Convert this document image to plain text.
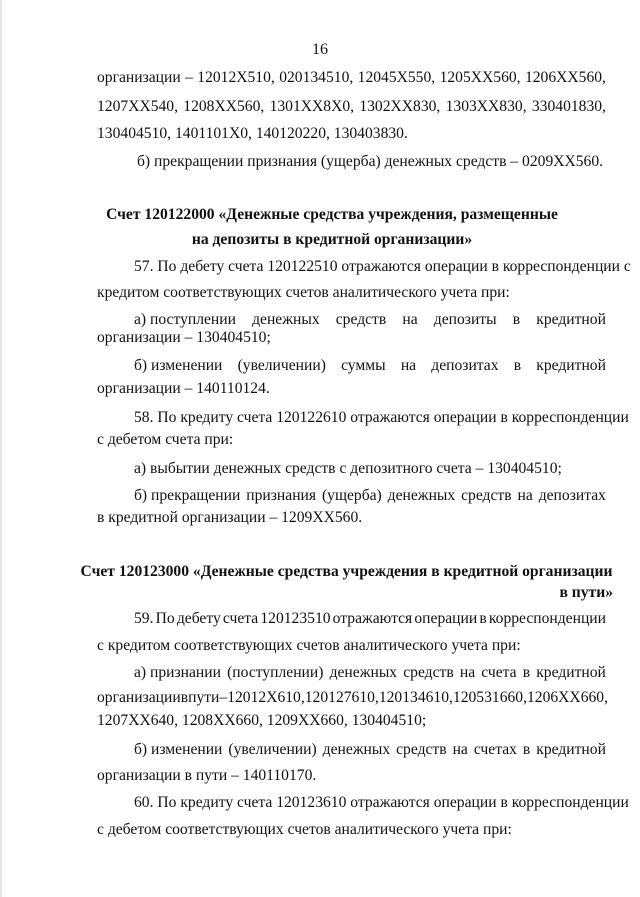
16
организации – 12012Х510, 020134510, 12045Х550, 1205ХХ560, 1206ХХ560,
1207ХХ540, 1208ХХ560, 1301ХХ8Х0, 1302ХХ830, 1303ХХ830, 330401830,
130404510, 1401101Х0, 140120220, 130403830.
б) прекращении признания (ущерба) денежных средств – 0209ХХ560.
Счет 120122000 «Денежные средства учреждения, размещенные
на депозиты в кредитной организации»
57. По дебету счета 120122510 отражаются операции в корреспонденции с
кредитом соответствующих счетов аналитического учета при:
а) поступлении денежных средств на депозиты в кредитной
организации – 130404510;
б) изменении (увеличении) суммы на депозитах в кредитной
организации – 140110124.
58. По кредиту счета 120122610 отражаются операции в корреспонденции
с дебетом счета при:
а) выбытии денежных средств с депозитного счета – 130404510;
б) прекращении признания (ущерба) денежных средств на депозитах
в кредитной организации – 1209ХХ560.
Счет 120123000 «Денежные средства учреждения в кредитной организации
в пути»
59. По дебету счета 120123510 отражаются операции в корреспонденции
с кредитом соответствующих счетов аналитического учета при:
а) признании (поступлении) денежных средств на счета в кредитной
организации в пути – 12012Х610, 120127610, 120134610, 120531660, 1206ХХ660,
1207ХХ640, 1208ХХ660, 1209ХХ660, 130404510;
б) изменении (увеличении) денежных средств на счетах в кредитной
организации в пути – 140110170.
60. По кредиту счета 120123610 отражаются операции в корреспонденции
с дебетом соответствующих счетов аналитического учета при:
